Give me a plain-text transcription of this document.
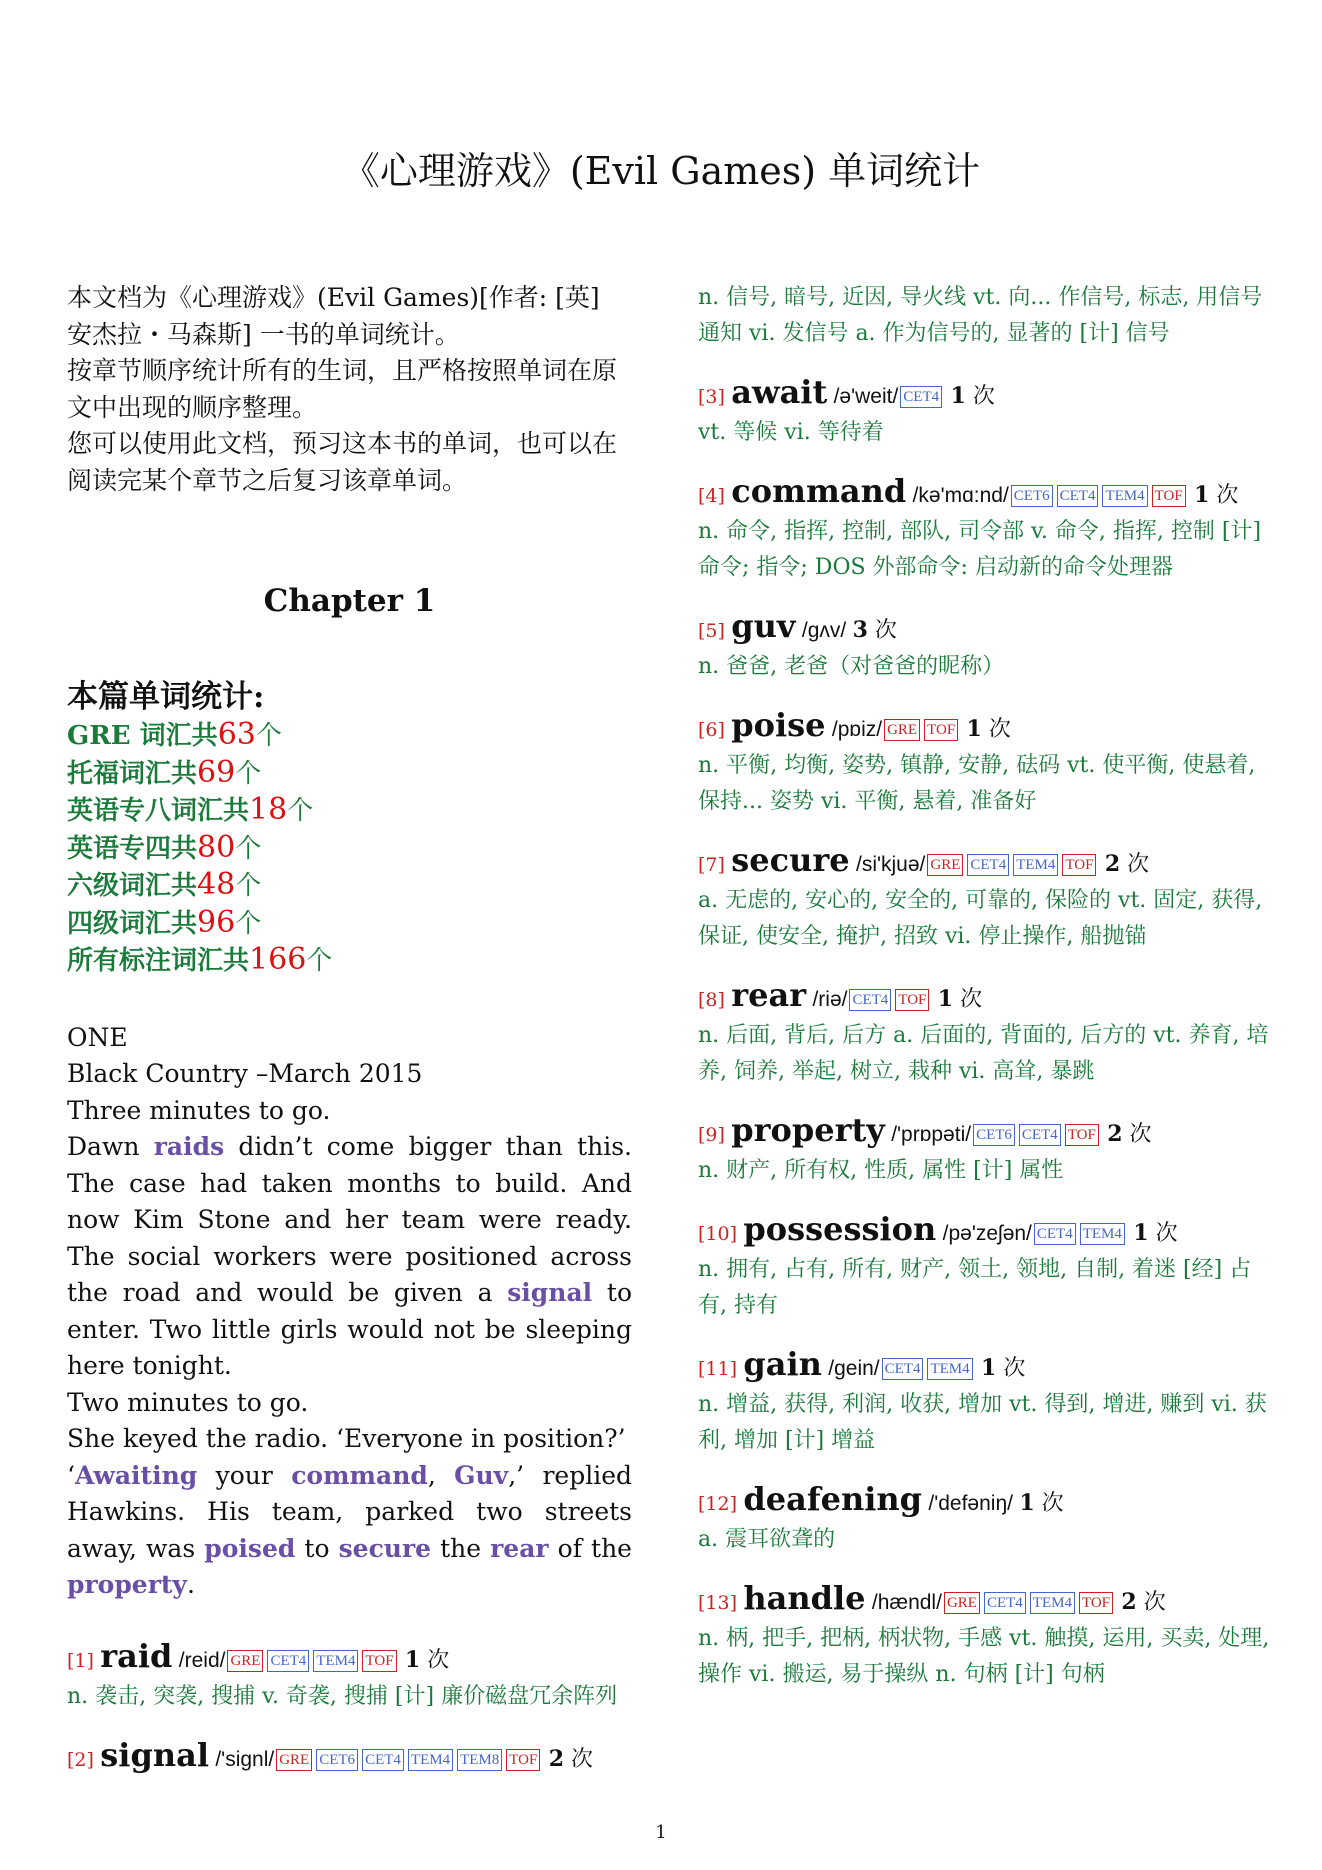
《心理游戏》(Evil Games) 单词统计

本文档为《心理游戏》(Evil Games)[作者: [英] 安杰拉・马森斯] 一书的单词统计。

按章节顺序统计所有的生词，且严格按照单词在原文中出现的顺序整理。

您可以使用此文档，预习这本书的单词，也可以在阅读完某个章节之后复习该章单词。

Chapter 1
本篇单词统计:
GRE 词汇共63个
托福词汇共69个
英语专八词汇共18个
英语专四共80个
六级词汇共48个
四级词汇共96个
所有标注词汇共166个

ONE

Black Country –March 2015

Three minutes to go.

Dawn raids didn’t come bigger than this. The case had taken months to build. And now Kim Stone and her team were ready. The social workers were positioned across the road and would be given a signal to enter. Two little girls would not be sleeping here tonight.

Two minutes to go.

She keyed the radio. ‘Everyone in position?’

‘Awaiting your command, Guv,’ replied Hawkins. His team, parked two streets away, was poised to secure the rear of the property.

[1] raid /reid/ GRE CET4 TEM4 TOF 1 次
n. 袭击, 突袭, 搜捕 v. 奇袭, 搜捕 [计] 廉价磁盘冗余阵列
[2] signal /'signl/ GRE CET6 CET4 TEM4 TEM8 TOF 2 次
n. 信号, 暗号, 近因, 导火线 vt. 向... 作信号, 标志, 用信号通知 vi. 发信号 a. 作为信号的, 显著的 [计] 信号
[3] await /ə'weit/ CET4 1 次
vt. 等候 vi. 等待着
[4] command /kə'mɑ:nd/ CET6 CET4 TEM4 TOF 1 次
n. 命令, 指挥, 控制, 部队, 司令部 v. 命令, 指挥, 控制 [计] 命令; 指令; DOS 外部命令: 启动新的命令处理器
[5] guv /gʌv/ 3 次
n. 爸爸, 老爸（对爸爸的昵称）
[6] poise /pɒiz/ GRE TOF 1 次
n. 平衡, 均衡, 姿势, 镇静, 安静, 砝码 vt. 使平衡, 使悬着, 保持... 姿势 vi. 平衡, 悬着, 准备好
[7] secure /si'kjuə/ GRE CET4 TEM4 TOF 2 次
a. 无虑的, 安心的, 安全的, 可靠的, 保险的 vt. 固定, 获得, 保证, 使安全, 掩护, 招致 vi. 停止操作, 船抛锚
[8] rear /riə/ CET4 TOF 1 次
n. 后面, 背后, 后方 a. 后面的, 背面的, 后方的 vt. 养育, 培养, 饲养, 举起, 树立, 栽种 vi. 高耸, 暴跳
[9] property /'prɒpəti/ CET6 CET4 TOF 2 次
n. 财产, 所有权, 性质, 属性 [计] 属性
[10] possession /pə'zeʃən/ CET4 TEM4 1 次
n. 拥有, 占有, 所有, 财产, 领土, 领地, 自制, 着迷 [经] 占有, 持有
[11] gain /gein/ CET4 TEM4 1 次
n. 增益, 获得, 利润, 收获, 增加 vt. 得到, 增进, 赚到 vi. 获利, 增加 [计] 增益
[12] deafening /'defəniŋ/ 1 次
a. 震耳欲聋的
[13] handle /hændl/ GRE CET4 TEM4 TOF 2 次
n. 柄, 把手, 把柄, 柄状物, 手感 vt. 触摸, 运用, 买卖, 处理, 操作 vi. 搬运, 易于操纵 n. 句柄 [计] 句柄
1
